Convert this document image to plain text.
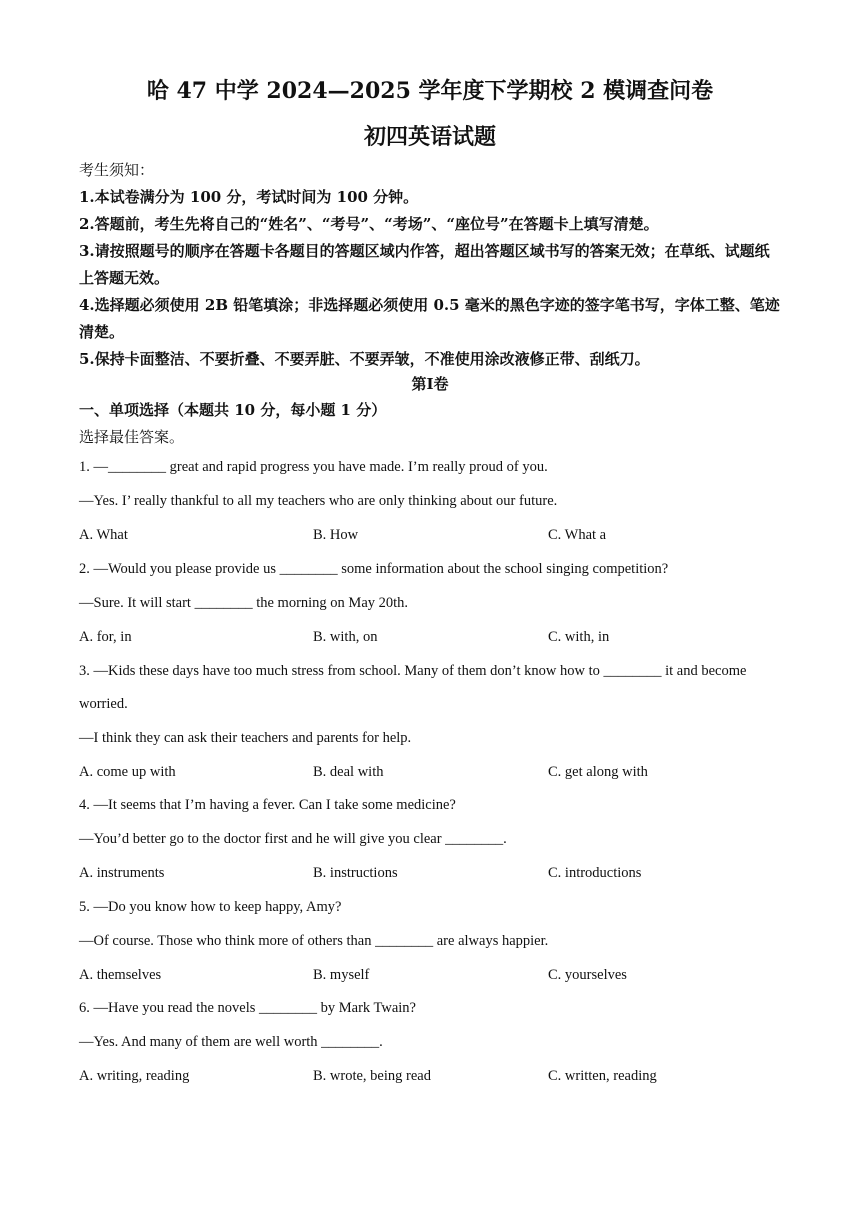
哈 47 中学 2024—2025 学年度下学期校 2 模调查问卷
初四英语试题

考生须知：

1.本试卷满分为 100 分，考试时间为 100 分钟。

2.答题前，考生先将自己的“姓名”、“考号”、“考场”、“座位号”在答题卡上填写清楚。

3.请按照题号的顺序在答题卡各题目的答题区域内作答，超出答题区域书写的答案无效；在草纸、试题纸上答题无效。

4.选择题必须使用 2B 铅笔填涂；非选择题必须使用 0.5 毫米的黑色字迹的签字笔书写，字体工整、笔迹清楚。

5.保持卡面整洁、不要折叠、不要弄脏、不要弄皱，不准使用涂改液修正带、刮纸刀。

第Ⅰ卷
一、单项选择（本题共 10 分，每小题 1 分）
选择最佳答案。
1. —________ great and rapid progress you have made. I’m really proud of you.
—Yes. I’ really thankful to all my teachers who are only thinking about our future.
A. What	B. How	C. What a
2. —Would you please provide us ________ some information about the school singing competition?
—Sure. It will start ________ the morning on May 20th.
A. for, in	B. with, on	C. with, in
3. —Kids these days have too much stress from school. Many of them don’t know how to ________ it and become
worried.
—I think they can ask their teachers and parents for help.
A. come up with	B. deal with	C. get along with
4. —It seems that I’m having a fever. Can I take some medicine?
—You’d better go to the doctor first and he will give you clear ________.
A. instruments	B. instructions	C. introductions
5. —Do you know how to keep happy, Amy?
—Of course. Those who think more of others than ________ are always happier.
A. themselves	B. myself	C. yourselves
6. —Have you read the novels ________ by Mark Twain?
—Yes. And many of them are well worth ________.
A. writing, reading	B. wrote, being read	C. written, reading
